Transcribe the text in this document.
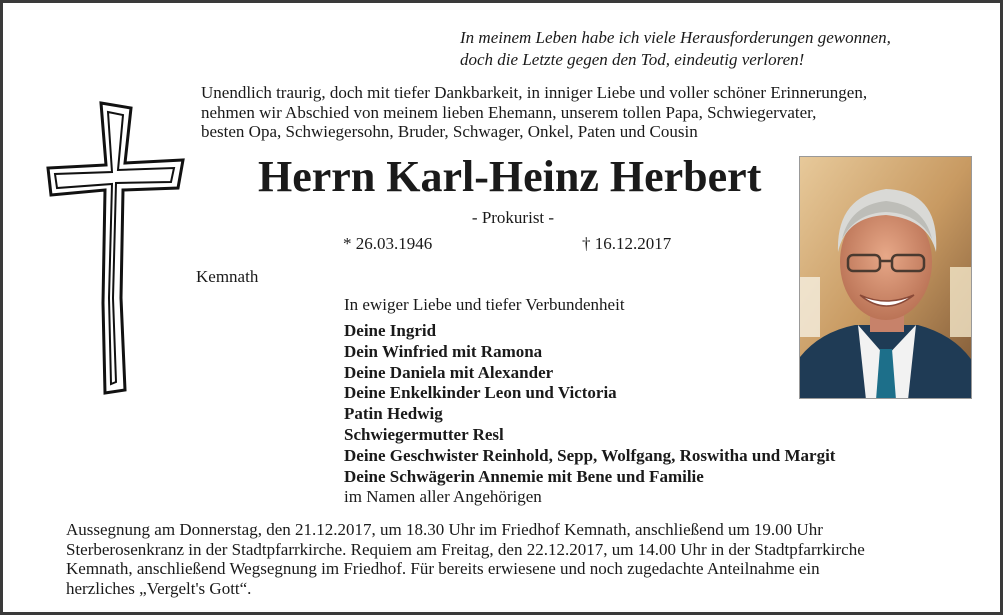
In meinem Leben habe ich viele Herausforderungen gewonnen,
doch die Letzte gegen den Tod, eindeutig verloren!

Unendlich traurig, doch mit tiefer Dankbarkeit, in inniger Liebe und voller schöner Erinnerungen,
nehmen wir Abschied von meinem lieben Ehemann, unserem tollen Papa, Schwiegervater,
besten Opa, Schwiegersohn, Bruder, Schwager, Onkel, Paten und Cousin

Herrn Karl-Heinz Herbert
- Prokurist -
* 26.03.1946	† 16.12.2017
Kemnath
In ewiger Liebe und tiefer Verbundenheit
Deine Ingrid
Dein Winfried mit Ramona
Deine Daniela mit Alexander
Deine Enkelkinder Leon und Victoria
Patin Hedwig
Schwiegermutter Resl
Deine Geschwister Reinhold, Sepp, Wolfgang, Roswitha und Margit
Deine Schwägerin Annemie mit Bene und Familie
im Namen aller Angehörigen

Aussegnung am Donnerstag, den 21.12.2017, um 18.30 Uhr im Friedhof Kemnath, anschließend um 19.00 Uhr
Sterberosenkranz in der Stadtpfarrkirche. Requiem am Freitag, den 22.12.2017, um 14.00 Uhr in der Stadtpfarrkirche
Kemnath, anschließend Wegsegnung im Friedhof. Für bereits erwiesene und noch zugedachte Anteilnahme ein
herzliches „Vergelt's Gott“.
